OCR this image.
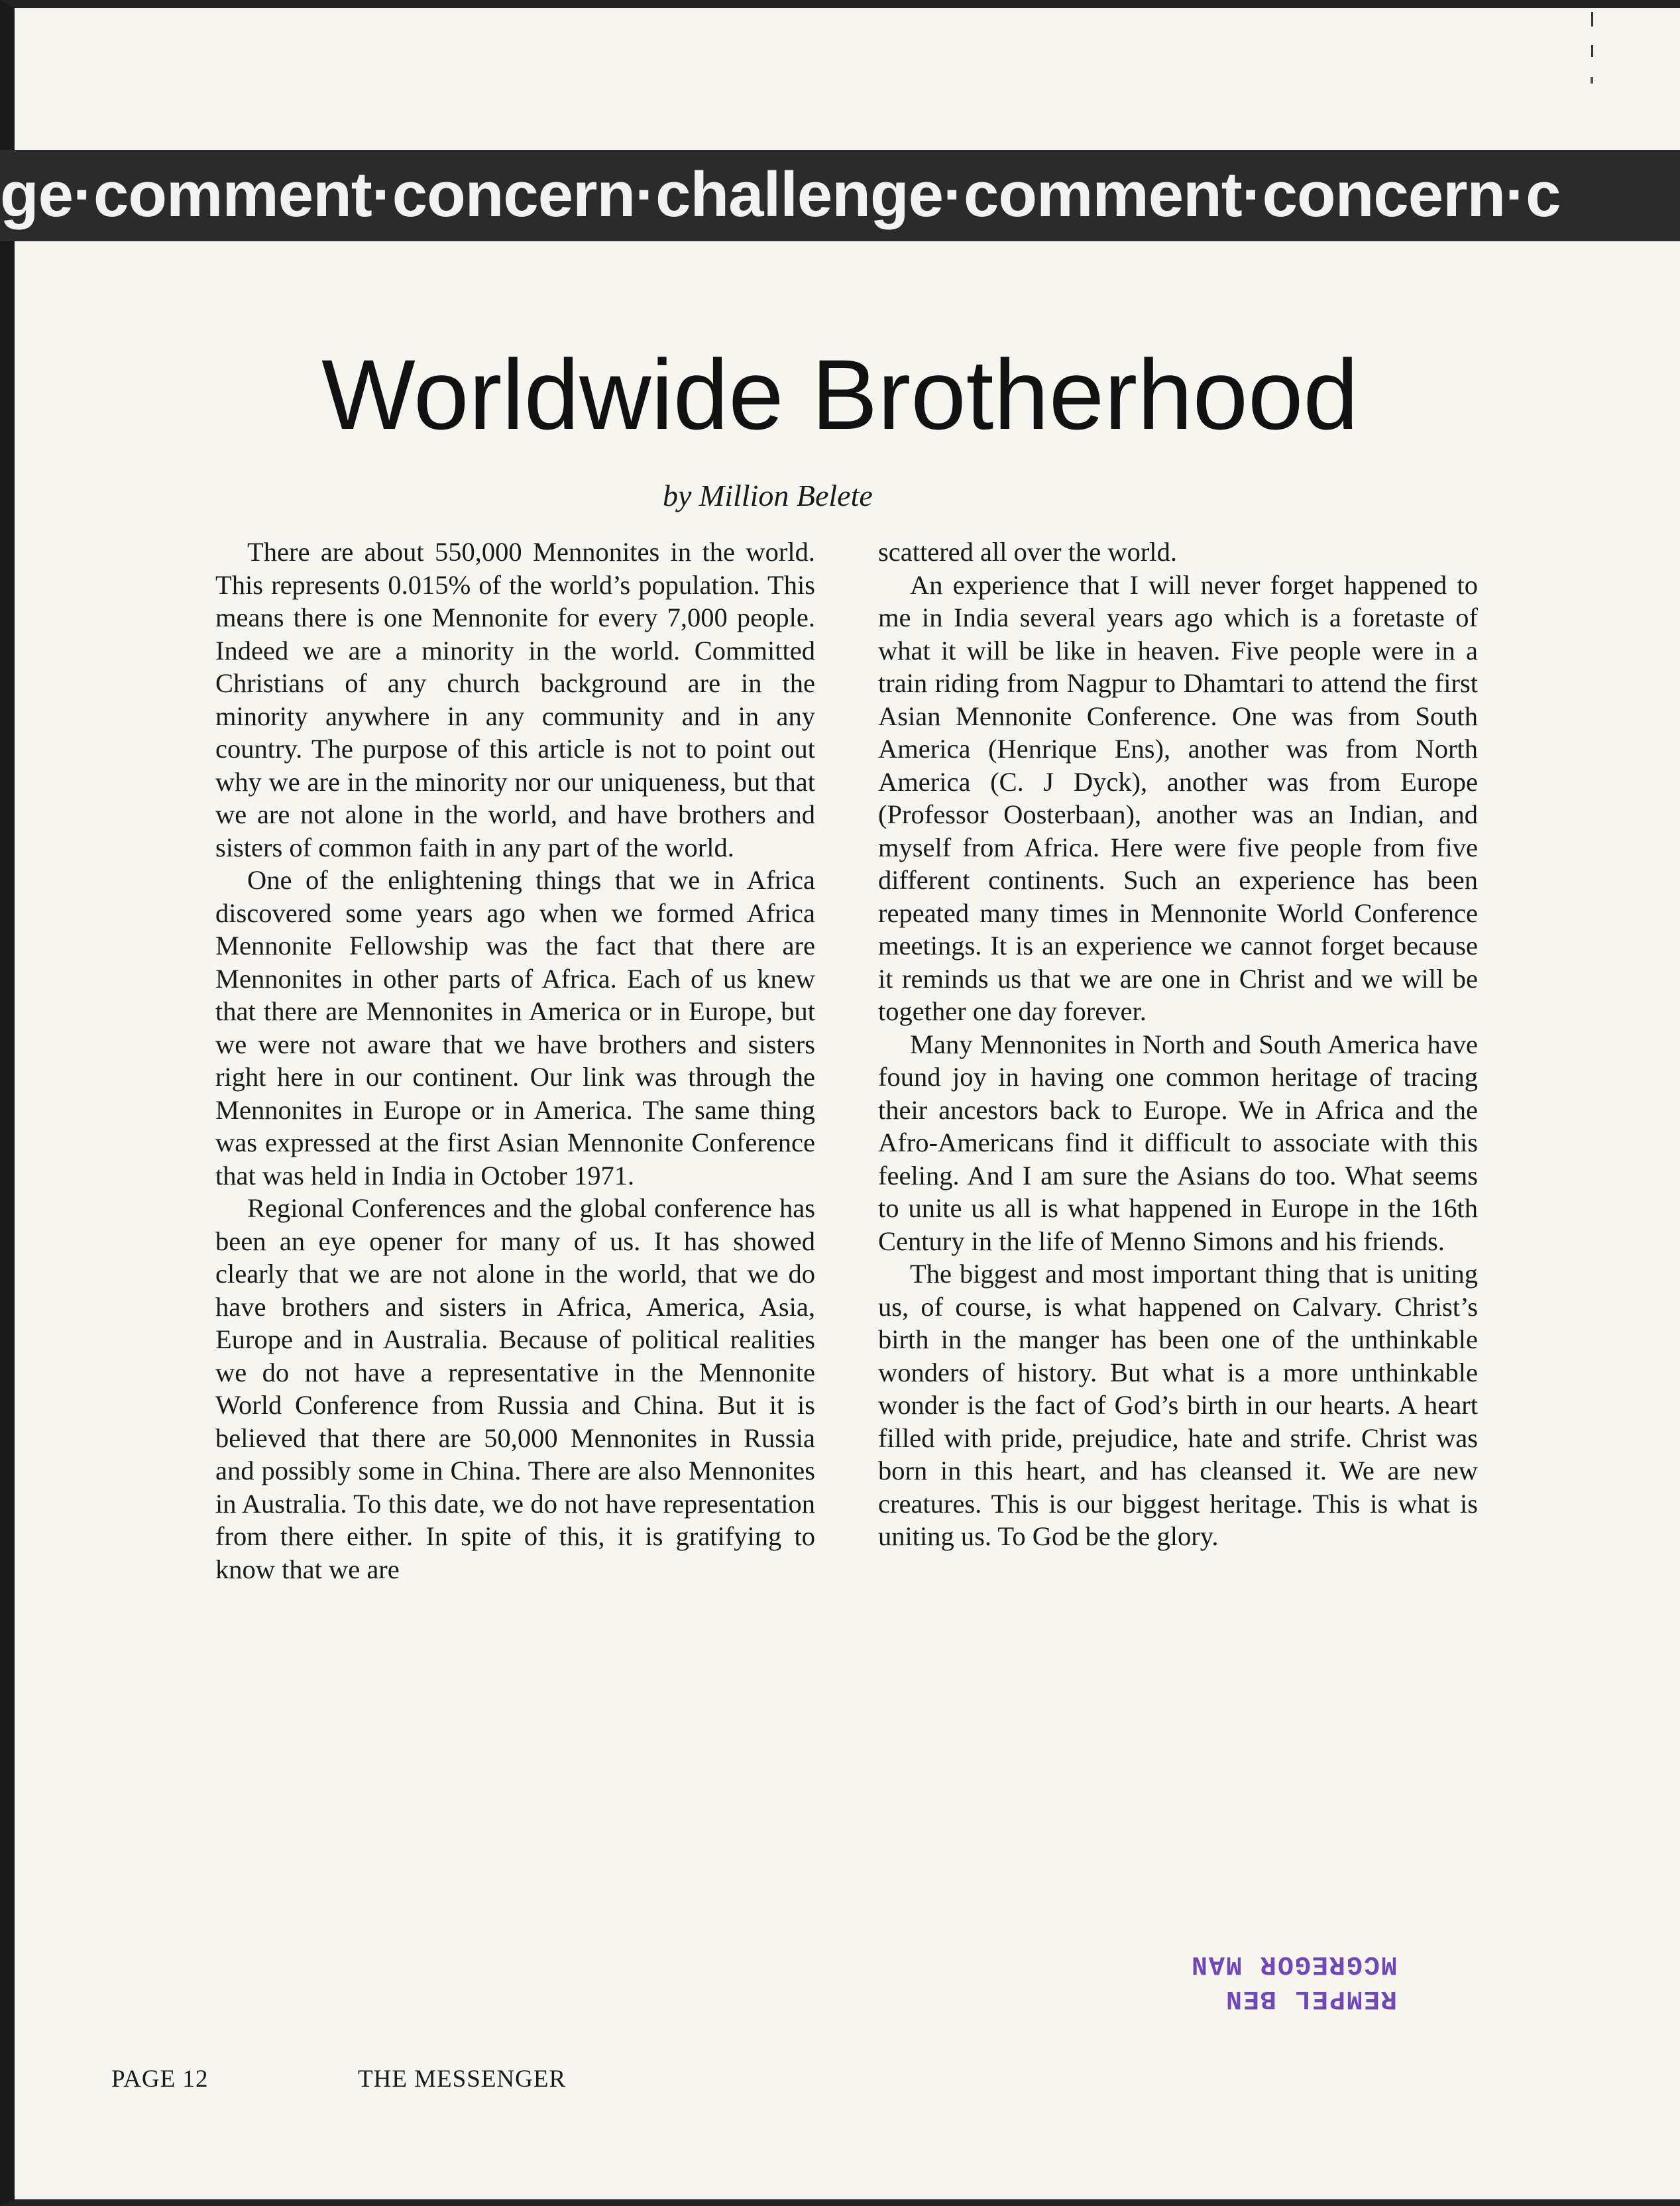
ge·comment·concern·challenge·comment·concern·c
Worldwide Brotherhood
by Million Belete

There are about 550,000 Mennonites in the world. This represents 0.015% of the world’s population. This means there is one Mennonite for every 7,000 people. Indeed we are a minority in the world. Committed Christians of any church background are in the minority anywhere in any community and in any country. The purpose of this article is not to point out why we are in the minority nor our uniqueness, but that we are not alone in the world, and have brothers and sisters of common faith in any part of the world.

One of the enlightening things that we in Africa discovered some years ago when we formed Africa Mennonite Fellowship was the fact that there are Mennonites in other parts of Africa. Each of us knew that there are Mennonites in America or in Europe, but we were not aware that we have brothers and sisters right here in our continent. Our link was through the Mennonites in Europe or in America. The same thing was expressed at the first Asian Mennonite Conference that was held in India in October 1971.

Regional Conferences and the global conference has been an eye opener for many of us. It has showed clearly that we are not alone in the world, that we do have brothers and sisters in Africa, America, Asia, Europe and in Australia. Because of political realities we do not have a representative in the Mennonite World Conference from Russia and China. But it is believed that there are 50,000 Mennonites in Russia and possibly some in China. There are also Mennonites in Australia. To this date, we do not have representation from there either. In spite of this, it is gratifying to know that we are

scattered all over the world.

An experience that I will never forget happened to me in India several years ago which is a foretaste of what it will be like in heaven. Five people were in a train riding from Nagpur to Dhamtari to attend the first Asian Mennonite Conference. One was from South America (Henrique Ens), another was from North America (C. J Dyck), another was from Europe (Professor Oosterbaan), another was an Indian, and myself from Africa. Here were five people from five different continents. Such an experience has been repeated many times in Mennonite World Conference meetings. It is an experience we cannot forget because it reminds us that we are one in Christ and we will be together one day forever.

Many Mennonites in North and South America have found joy in having one common heritage of tracing their ancestors back to Europe. We in Africa and the Afro-Americans find it difficult to associate with this feeling. And I am sure the Asians do too. What seems to unite us all is what happened in Europe in the 16th Century in the life of Menno Simons and his friends.

The biggest and most important thing that is uniting us, of course, is what happened on Calvary. Christ’s birth in the manger has been one of the unthinkable wonders of history. But what is a more unthinkable wonder is the fact of God’s birth in our hearts. A heart filled with pride, prejudice, hate and strife. Christ was born in this heart, and has cleansed it. We are new creatures. This is our biggest heritage. This is what is uniting us. To God be the glory.

REMPEL BEN
MCGREGOR MAN
PAGE 12	THE MESSENGER
